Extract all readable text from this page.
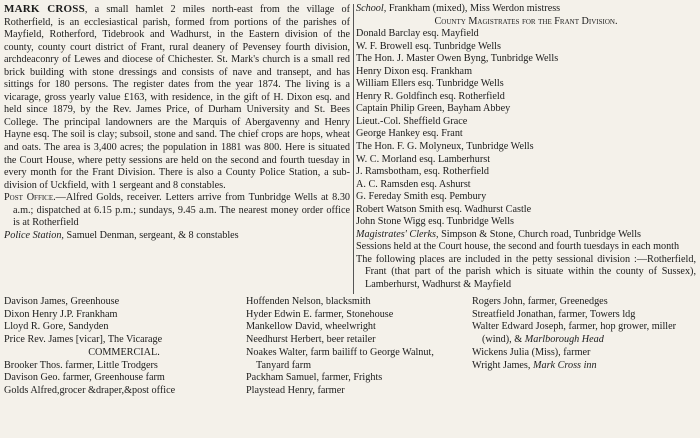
MARK CROSS, a small hamlet 2 miles north-east from the village of Rotherfield, is an ecclesiastical parish, formed from portions of the parishes of Mayfield, Rotherford, Tidebrook and Wadhurst, in the Eastern division of the county, county court district of Frant, rural deanery of Pevensey fourth division, archdeaconry of Lewes and diocese of Chichester. St. Mark's church is a small red brick building with stone dressings and consists of nave and transept, and has sittings for 180 persons. The register dates from the year 1874. The living is a vicarage, gross yearly value £163, with residence, in the gift of H. Dixon esq. and held since 1879, by the Rev. James Price, of Durham University and St. Bees College. The principal landowners are the Marquis of Abergavenny and Henry Hayne esq. The soil is clay; subsoil, stone and sand. The chief crops are hops, wheat and oats. The area is 3,400 acres; the population in 1881 was 800. Here is situated the Court House, where petty sessions are held on the second and fourth tuesday in every month for the Frant Division. There is also a County Police Station, a sub-division of Uckfield, with 1 sergeant and 8 constables.

Post Office.—Alfred Golds, receiver. Letters arrive from Tunbridge Wells at 8.30 a.m.; dispatched at 6.15 p.m.; sundays, 9.45 a.m. The nearest money order office is at Rotherfield

Police Station, Samuel Denman, sergeant, & 8 constables

School, Frankham (mixed), Miss Werdon mistress

County Magistrates for the Frant Division.

Donald Barclay esq. Mayfield

W. F. Browell esq. Tunbridge Wells

The Hon. J. Master Owen Byng, Tunbridge Wells

Henry Dixon esq. Frankham

William Ellers esq. Tunbridge Wells

Henry R. Goldfinch esq. Rotherfield

Captain Philip Green, Bayham Abbey

Lieut.-Col. Sheffield Grace

George Hankey esq. Frant

The Hon. F. G. Molyneux, Tunbridge Wells

W. C. Morland esq. Lamberhurst

J. Ramsbotham, esq. Rotherfield

A. C. Ramsden esq. Ashurst

G. Fereday Smith esq. Pembury

Robert Watson Smith esq. Wadhurst Castle

John Stone Wigg esq. Tunbridge Wells

Magistrates' Clerks, Simpson & Stone, Church road, Tunbridge Wells

Sessions held at the Court house, the second and fourth tuesdays in each month

The following places are included in the petty sessional division :—Rotherfield, Frant (that part of the parish which is situate within the county of Sussex), Lamberhurst, Wadhurst & Mayfield

Davison James, Greenhouse

Dixon Henry J.P. Frankham

Lloyd R. Gore, Sandyden

Price Rev. James [vicar], The Vicarage

COMMERCIAL.

Brooker Thos. farmer, Little Trodgers

Davison Geo. farmer, Greenhouse farm

Golds Alfred,grocer &draper,&post office

Hoffenden Nelson, blacksmith

Hyder Edwin E. farmer, Stonehouse

Mankellow David, wheelwright

Needhurst Herbert, beer retailer

Noakes Walter, farm bailiff to George Walnut, Tanyard farm

Packham Samuel, farmer, Frights

Playstead Henry, farmer

Rogers John, farmer, Greenedges

Streatfield Jonathan, farmer, Towers ldg

Walter Edward Joseph, farmer, hop grower, miller (wind), & Marlborough Head

Wickens Julia (Miss), farmer

Wright James, Mark Cross inn
